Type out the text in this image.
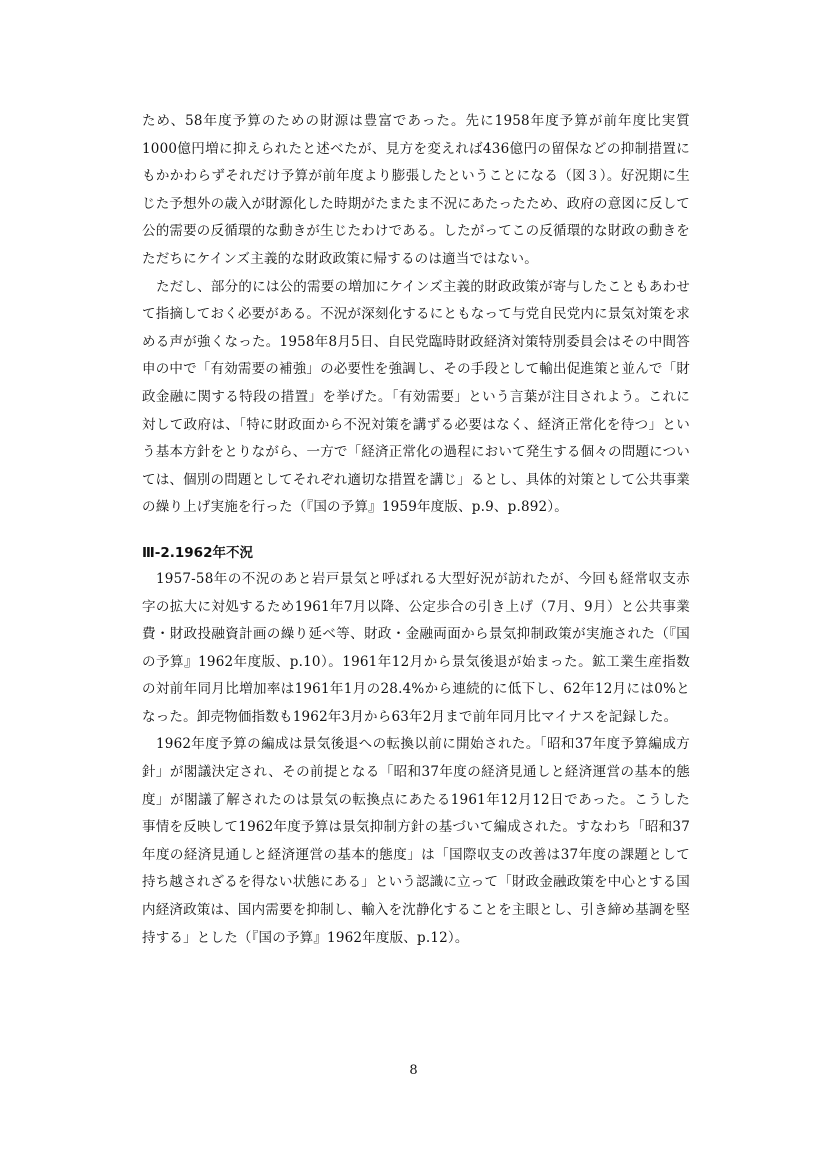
ため、58年度予算のための財源は豊富であった。先に1958年度予算が前年度比実質1000億円増に抑えられたと述べたが、見方を変えれば436億円の留保などの抑制措置にもかかわらずそれだけ予算が前年度より膨張したということになる（図３）。好況期に生じた予想外の歳入が財源化した時期がたまたま不況にあたったため、政府の意図に反して公的需要の反循環的な動きが生じたわけである。したがってこの反循環的な財政の動きをただちにケインズ主義的な財政政策に帰するのは適当ではない。

ただし、部分的には公的需要の増加にケインズ主義的財政政策が寄与したこともあわせて指摘しておく必要がある。不況が深刻化するにともなって与党自民党内に景気対策を求める声が強くなった。1958年8月5日、自民党臨時財政経済対策特別委員会はその中間答申の中で「有効需要の補強」の必要性を強調し、その手段として輸出促進策と並んで「財政金融に関する特段の措置」を挙げた。「有効需要」という言葉が注目されよう。これに対して政府は、「特に財政面から不況対策を講ずる必要はなく、経済正常化を待つ」という基本方針をとりながら、一方で「経済正常化の過程において発生する個々の問題については、個別の問題としてそれぞれ適切な措置を講じ」るとし、具体的対策として公共事業の繰り上げ実施を行った（『国の予算』1959年度版、p.9、p.892）。

Ⅲ-2.1962年不況

1957‐58年の不況のあと岩戸景気と呼ばれる大型好況が訪れたが、今回も経常収支赤字の拡大に対処するため1961年7月以降、公定歩合の引き上げ（7月、9月）と公共事業費・財政投融資計画の繰り延べ等、財政・金融両面から景気抑制政策が実施された（『国の予算』1962年度版、p.10）。1961年12月から景気後退が始まった。鉱工業生産指数の対前年同月比増加率は1961年1月の28.4%から連続的に低下し、62年12月には0%となった。卸売物価指数も1962年3月から63年2月まで前年同月比マイナスを記録した。

1962年度予算の編成は景気後退への転換以前に開始された。「昭和37年度予算編成方針」が閣議決定され、その前提となる「昭和37年度の経済見通しと経済運営の基本的態度」が閣議了解されたのは景気の転換点にあたる1961年12月12日であった。こうした事情を反映して1962年度予算は景気抑制方針の基づいて編成された。すなわち「昭和37年度の経済見通しと経済運営の基本的態度」は「国際収支の改善は37年度の課題として持ち越されざるを得ない状態にある」という認識に立って「財政金融政策を中心とする国内経済政策は、国内需要を抑制し、輸入を沈静化することを主眼とし、引き締め基調を堅持する」とした（『国の予算』1962年度版、p.12）。

8
